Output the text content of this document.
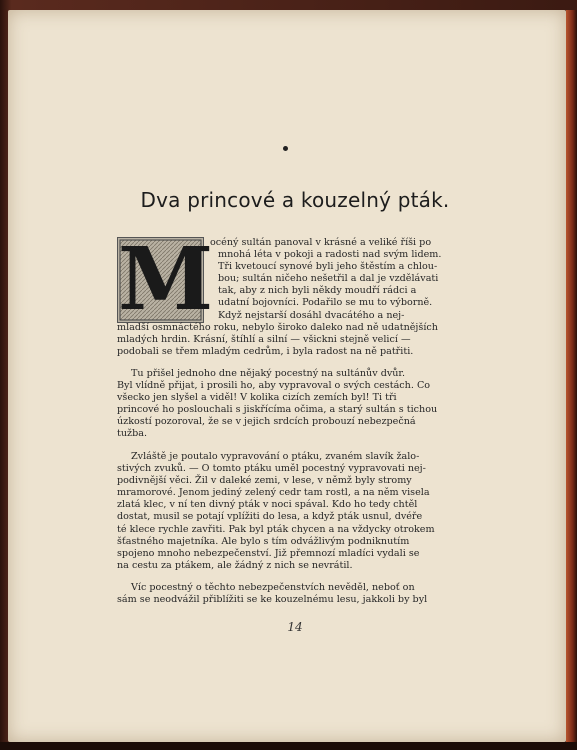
Dva princové a kouzelný pták.
M
océný sultán panoval v krásné a veliké říši po
mnohá léta v pokoji a radosti nad svým lidem.
Tři kvetoucí synové byli jeho štěstím a chlou-
bou; sultán ničeho nešetřil a dal je vzdělávati
tak, aby z nich byli někdy moudří rádci a
udatní bojovníci. Podařilo se mu to výborně.
Když nejstarší dosáhl dvacátého a nej-
mladší osmnáctého roku, nebylo široko daleko nad ně udatnějších
mladých hrdin. Krásní, štíhlí a silní — všickni stejně velicí —
podobali se třem mladým cedrům, i byla radost na ně patřiti.
Tu přišel jednoho dne nějaký pocestný na sultánův dvůr.
Byl vlídně přijat, i prosili ho, aby vypravoval o svých cestách. Co
všecko jen slyšel a viděl! V kolika cizích zemích byl! Ti tři
princové ho poslouchali s jiskřícíma očima, a starý sultán s tichou
úzkostí pozoroval, že se v jejich srdcích probouzí nebezpečná
tužba.
Zvláště je poutalo vypravování o ptáku, zvaném slavík žalo-
stivých zvuků. — O tomto ptáku uměl pocestný vypravovati nej-
podivnější věci. Žil v daleké zemi, v lese, v němž byly stromy
mramorové. Jenom jediný zelený cedr tam rostl, a na něm visela
zlatá klec, v ní ten divný pták v noci spával. Kdo ho tedy chtěl
dostat, musil se potají vplížiti do lesa, a když pták usnul, dvéře
té klece rychle zavřiti. Pak byl pták chycen a na vždycky otrokem
šťastného majetníka. Ale bylo s tím odvážlivým podniknutím
spojeno mnoho nebezpečenství. Již přemnozí mladíci vydali se
na cestu za ptákem, ale žádný z nich se nevrátil.
Víc pocestný o těchto nebezpečenstvích nevěděl, neboť on
sám se neodvážil přiblížiti se ke kouzelnému lesu, jakkoli by byl
14
